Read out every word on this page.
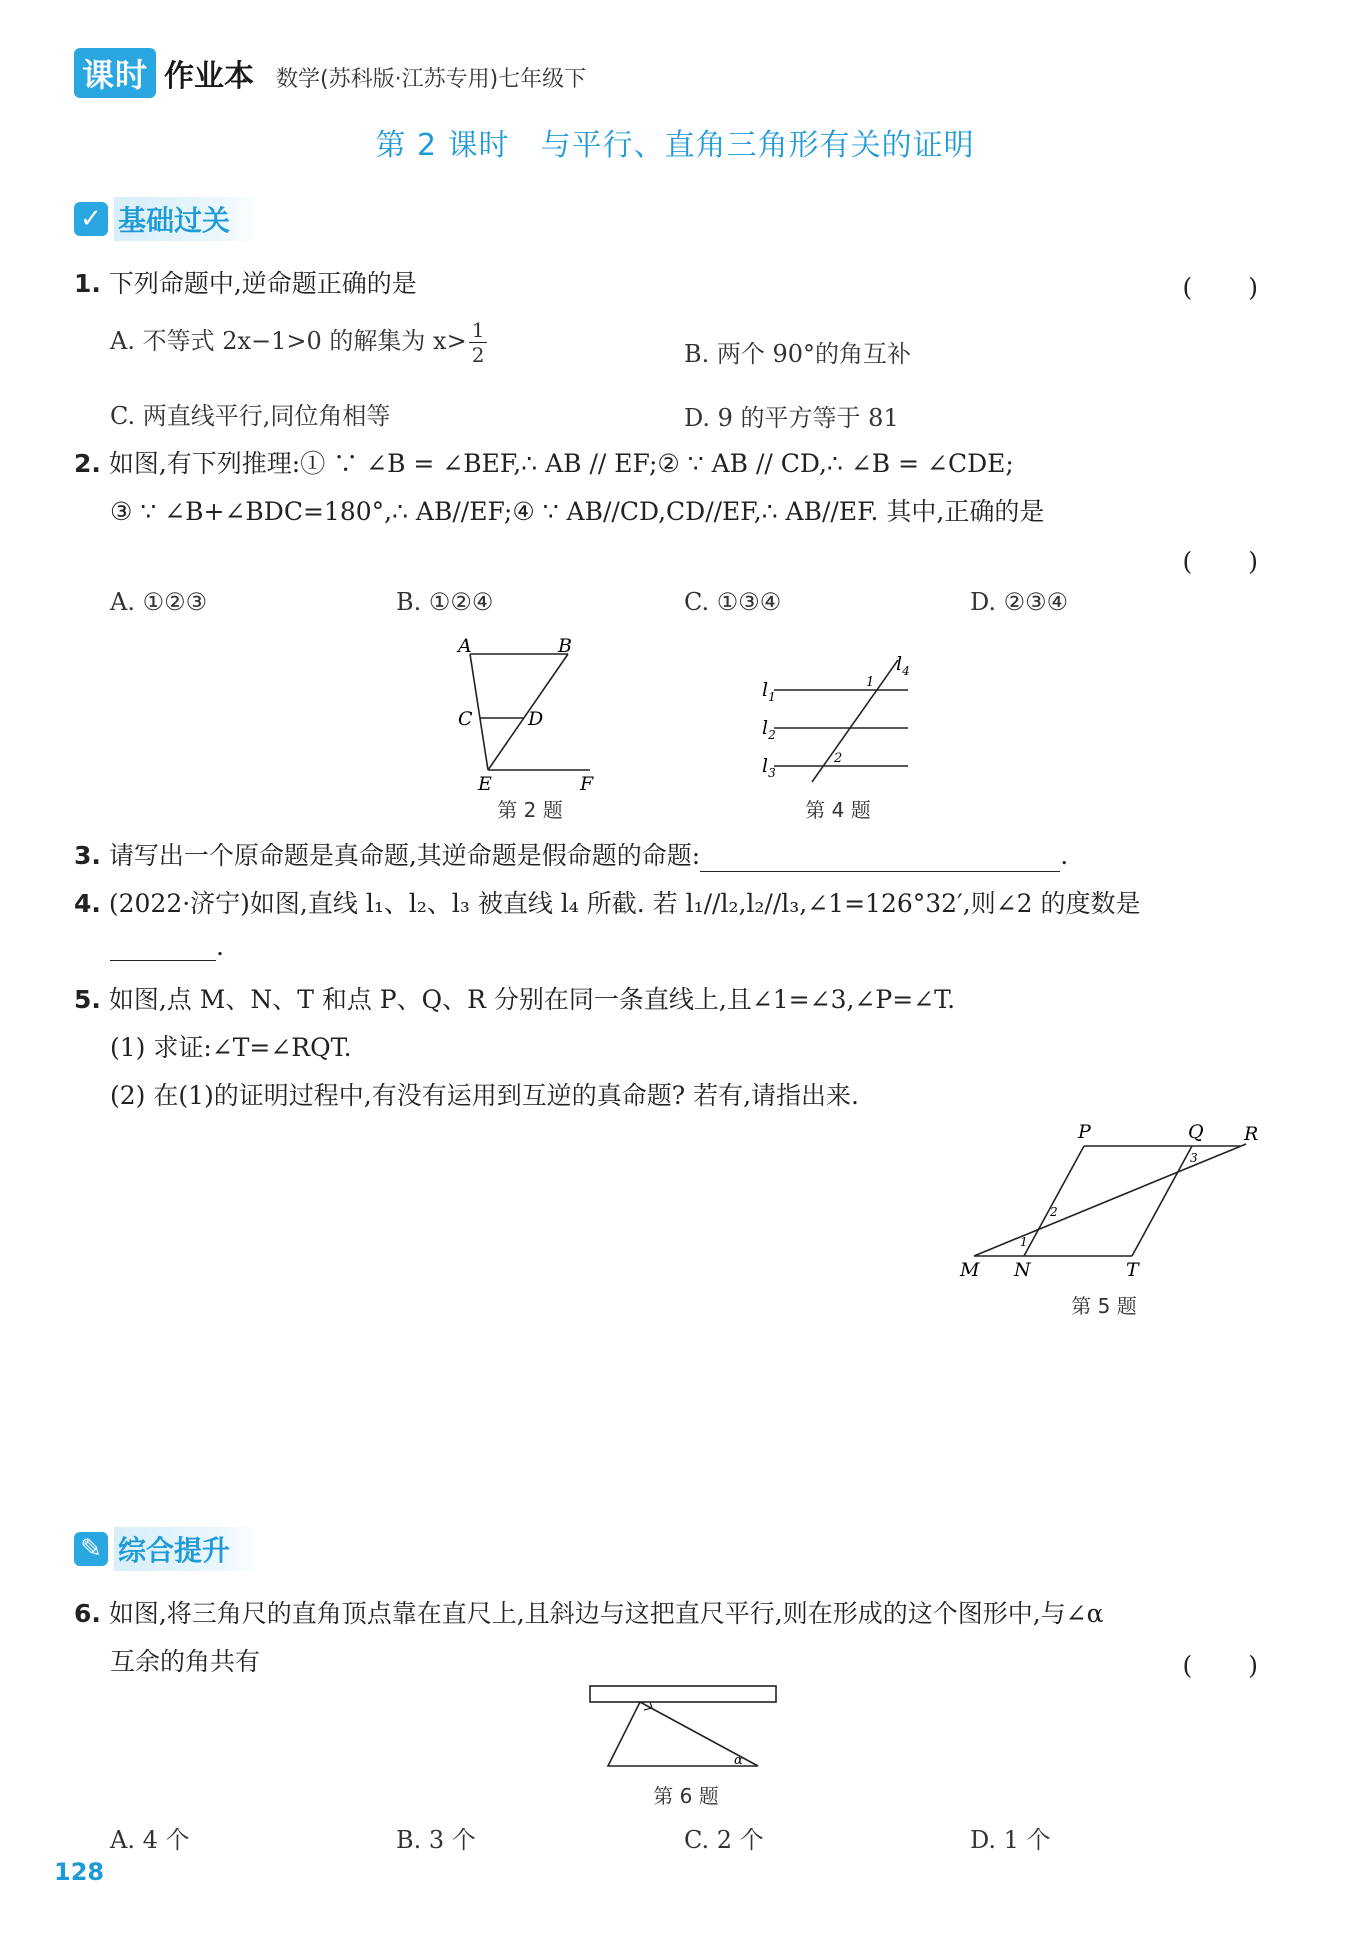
课时 作业本 数学(苏科版·江苏专用)七年级下
第 2 课时　与平行、直角三角形有关的证明
✓ 基础过关
1. 下列命题中,逆命题正确的是	(　　)
A. 不等式 2x−1>0 的解集为 $x> \frac{1}{2}$	B. 两个 90°的角互补
C. 两直线平行,同位角相等	D. 9 的平方等于 81
2. 如图,有下列推理:① ∵ ∠B = ∠BEF,∴ AB // EF;② ∵ AB // CD,∴ ∠B = ∠CDE;
③ ∵ ∠B+∠BDC=180°,∴ AB//EF;④ ∵ AB//CD,CD//EF,∴ AB//EF. 其中,正确的是
(　　)
A. ①②③	B. ①②④	C. ①③④	D. ②③④
A	B
C	D
E	F
第 2 题
$l_1$
$l_2$
$l_3$
$l_4$
1
2
第 4 题
3. 请写出一个原命题是真命题,其逆命题是假命题的命题:	.
4. (2022·济宁)如图,直线 l₁、l₂、l₃ 被直线 l₄ 所截. 若 l₁//l₂,l₂//l₃,∠1=126°32′,则∠2 的度数是
.
5. 如图,点 M、N、T 和点 P、Q、R 分别在同一条直线上,且∠1=∠3,∠P=∠T.
(1) 求证:∠T=∠RQT.
(2) 在(1)的证明过程中,有没有运用到互逆的真命题? 若有,请指出来.
P	Q R
M N	T
1
2
3
第 5 题
✎ 综合提升
6. 如图,将三角尺的直角顶点靠在直尺上,且斜边与这把直尺平行,则在形成的这个图形中,与∠α
互余的角共有	(　　)
α
第 6 题
A. 4 个	B. 3 个	C. 2 个	D. 1 个
128
